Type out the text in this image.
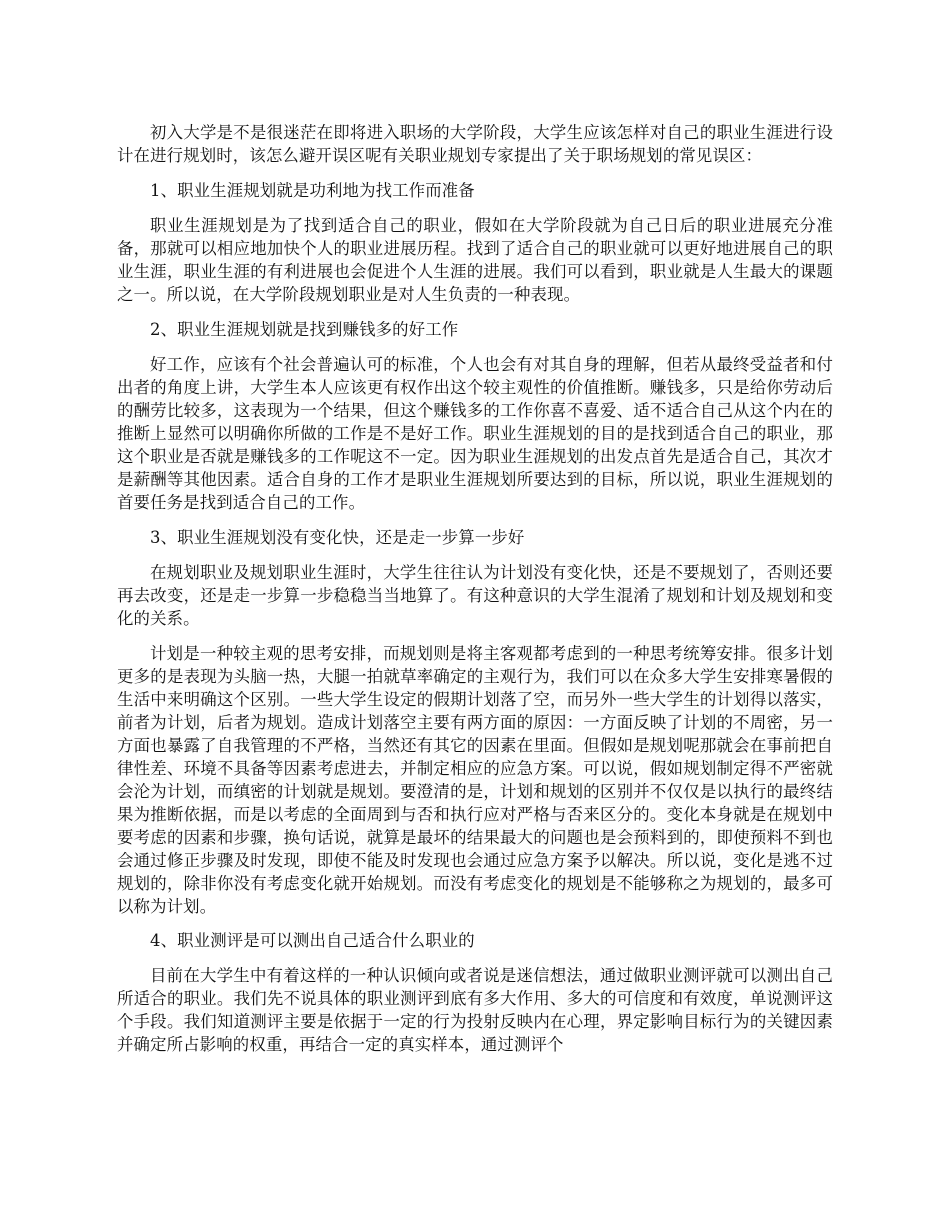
初入大学是不是很迷茫在即将进入职场的大学阶段，大学生应该怎样对自己的职业生涯进行设计在进行规划时，该怎么避开误区呢有关职业规划专家提出了关于职场规划的常见误区：

1、职业生涯规划就是功利地为找工作而准备

职业生涯规划是为了找到适合自己的职业，假如在大学阶段就为自己日后的职业进展充分准备，那就可以相应地加快个人的职业进展历程。找到了适合自己的职业就可以更好地进展自己的职业生涯，职业生涯的有利进展也会促进个人生涯的进展。我们可以看到，职业就是人生最大的课题之一。所以说，在大学阶段规划职业是对人生负责的一种表现。

2、职业生涯规划就是找到赚钱多的好工作

好工作，应该有个社会普遍认可的标准，个人也会有对其自身的理解，但若从最终受益者和付出者的角度上讲，大学生本人应该更有权作出这个较主观性的价值推断。赚钱多，只是给你劳动后的酬劳比较多，这表现为一个结果，但这个赚钱多的工作你喜不喜爱、适不适合自己从这个内在的推断上显然可以明确你所做的工作是不是好工作。职业生涯规划的目的是找到适合自己的职业，那这个职业是否就是赚钱多的工作呢这不一定。因为职业生涯规划的出发点首先是适合自己，其次才是薪酬等其他因素。适合自身的工作才是职业生涯规划所要达到的目标，所以说，职业生涯规划的首要任务是找到适合自己的工作。

3、职业生涯规划没有变化快，还是走一步算一步好

在规划职业及规划职业生涯时，大学生往往认为计划没有变化快，还是不要规划了，否则还要再去改变，还是走一步算一步稳稳当当地算了。有这种意识的大学生混淆了规划和计划及规划和变化的关系。

计划是一种较主观的思考安排，而规划则是将主客观都考虑到的一种思考统筹安排。很多计划更多的是表现为头脑一热，大腿一拍就草率确定的主观行为，我们可以在众多大学生安排寒暑假的生活中来明确这个区别。一些大学生设定的假期计划落了空，而另外一些大学生的计划得以落实，前者为计划，后者为规划。造成计划落空主要有两方面的原因：一方面反映了计划的不周密，另一方面也暴露了自我管理的不严格，当然还有其它的因素在里面。但假如是规划呢那就会在事前把自律性差、环境不具备等因素考虑进去，并制定相应的应急方案。可以说，假如规划制定得不严密就会沦为计划，而缜密的计划就是规划。要澄清的是，计划和规划的区别并不仅仅是以执行的最终结果为推断依据，而是以考虑的全面周到与否和执行应对严格与否来区分的。变化本身就是在规划中要考虑的因素和步骤，换句话说，就算是最坏的结果最大的问题也是会预料到的，即使预料不到也会通过修正步骤及时发现，即使不能及时发现也会通过应急方案予以解决。所以说，变化是逃不过规划的，除非你没有考虑变化就开始规划。而没有考虑变化的规划是不能够称之为规划的，最多可以称为计划。

4、职业测评是可以测出自己适合什么职业的

目前在大学生中有着这样的一种认识倾向或者说是迷信想法，通过做职业测评就可以测出自己所适合的职业。我们先不说具体的职业测评到底有多大作用、多大的可信度和有效度，单说测评这个手段。我们知道测评主要是依据于一定的行为投射反映内在心理，界定影响目标行为的关键因素并确定所占影响的权重，再结合一定的真实样本，通过测评个
